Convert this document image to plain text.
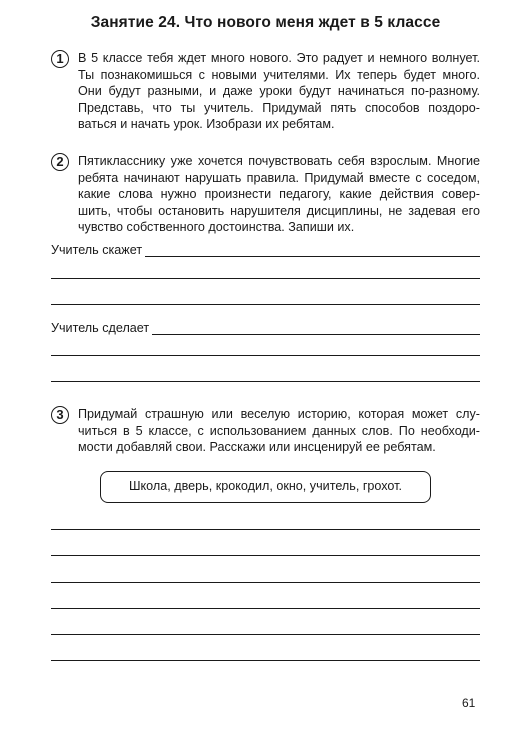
Занятие 24. Что нового меня ждет в 5 классе
1	В 5 классе тебя ждет много нового. Это радует и немного волнует.
Ты познакомишься с новыми учителями. Их теперь будет много.
Они будут разными, и даже уроки будут начинаться по-разному.
Представь, что ты учитель. Придумай пять способов поздоро-
ваться и начать урок. Изобрази их ребятам.
2	Пятикласснику уже хочется почувствовать себя взрослым. Многие
ребята начинают нарушать правила. Придумай вместе с соседом,
какие слова нужно произнести педагогу, какие действия совер-
шить, чтобы остановить нарушителя дисциплины, не задевая его
чувство собственного достоинства. Запиши их.
Учитель скажет
Учитель сделает
3	Придумай страшную или веселую историю, которая может слу-
читься в 5 классе, с использованием данных слов. По необходи-
мости добавляй свои. Расскажи или инсценируй ее ребятам.
Школа, дверь, крокодил, окно, учитель, грохот.
61
